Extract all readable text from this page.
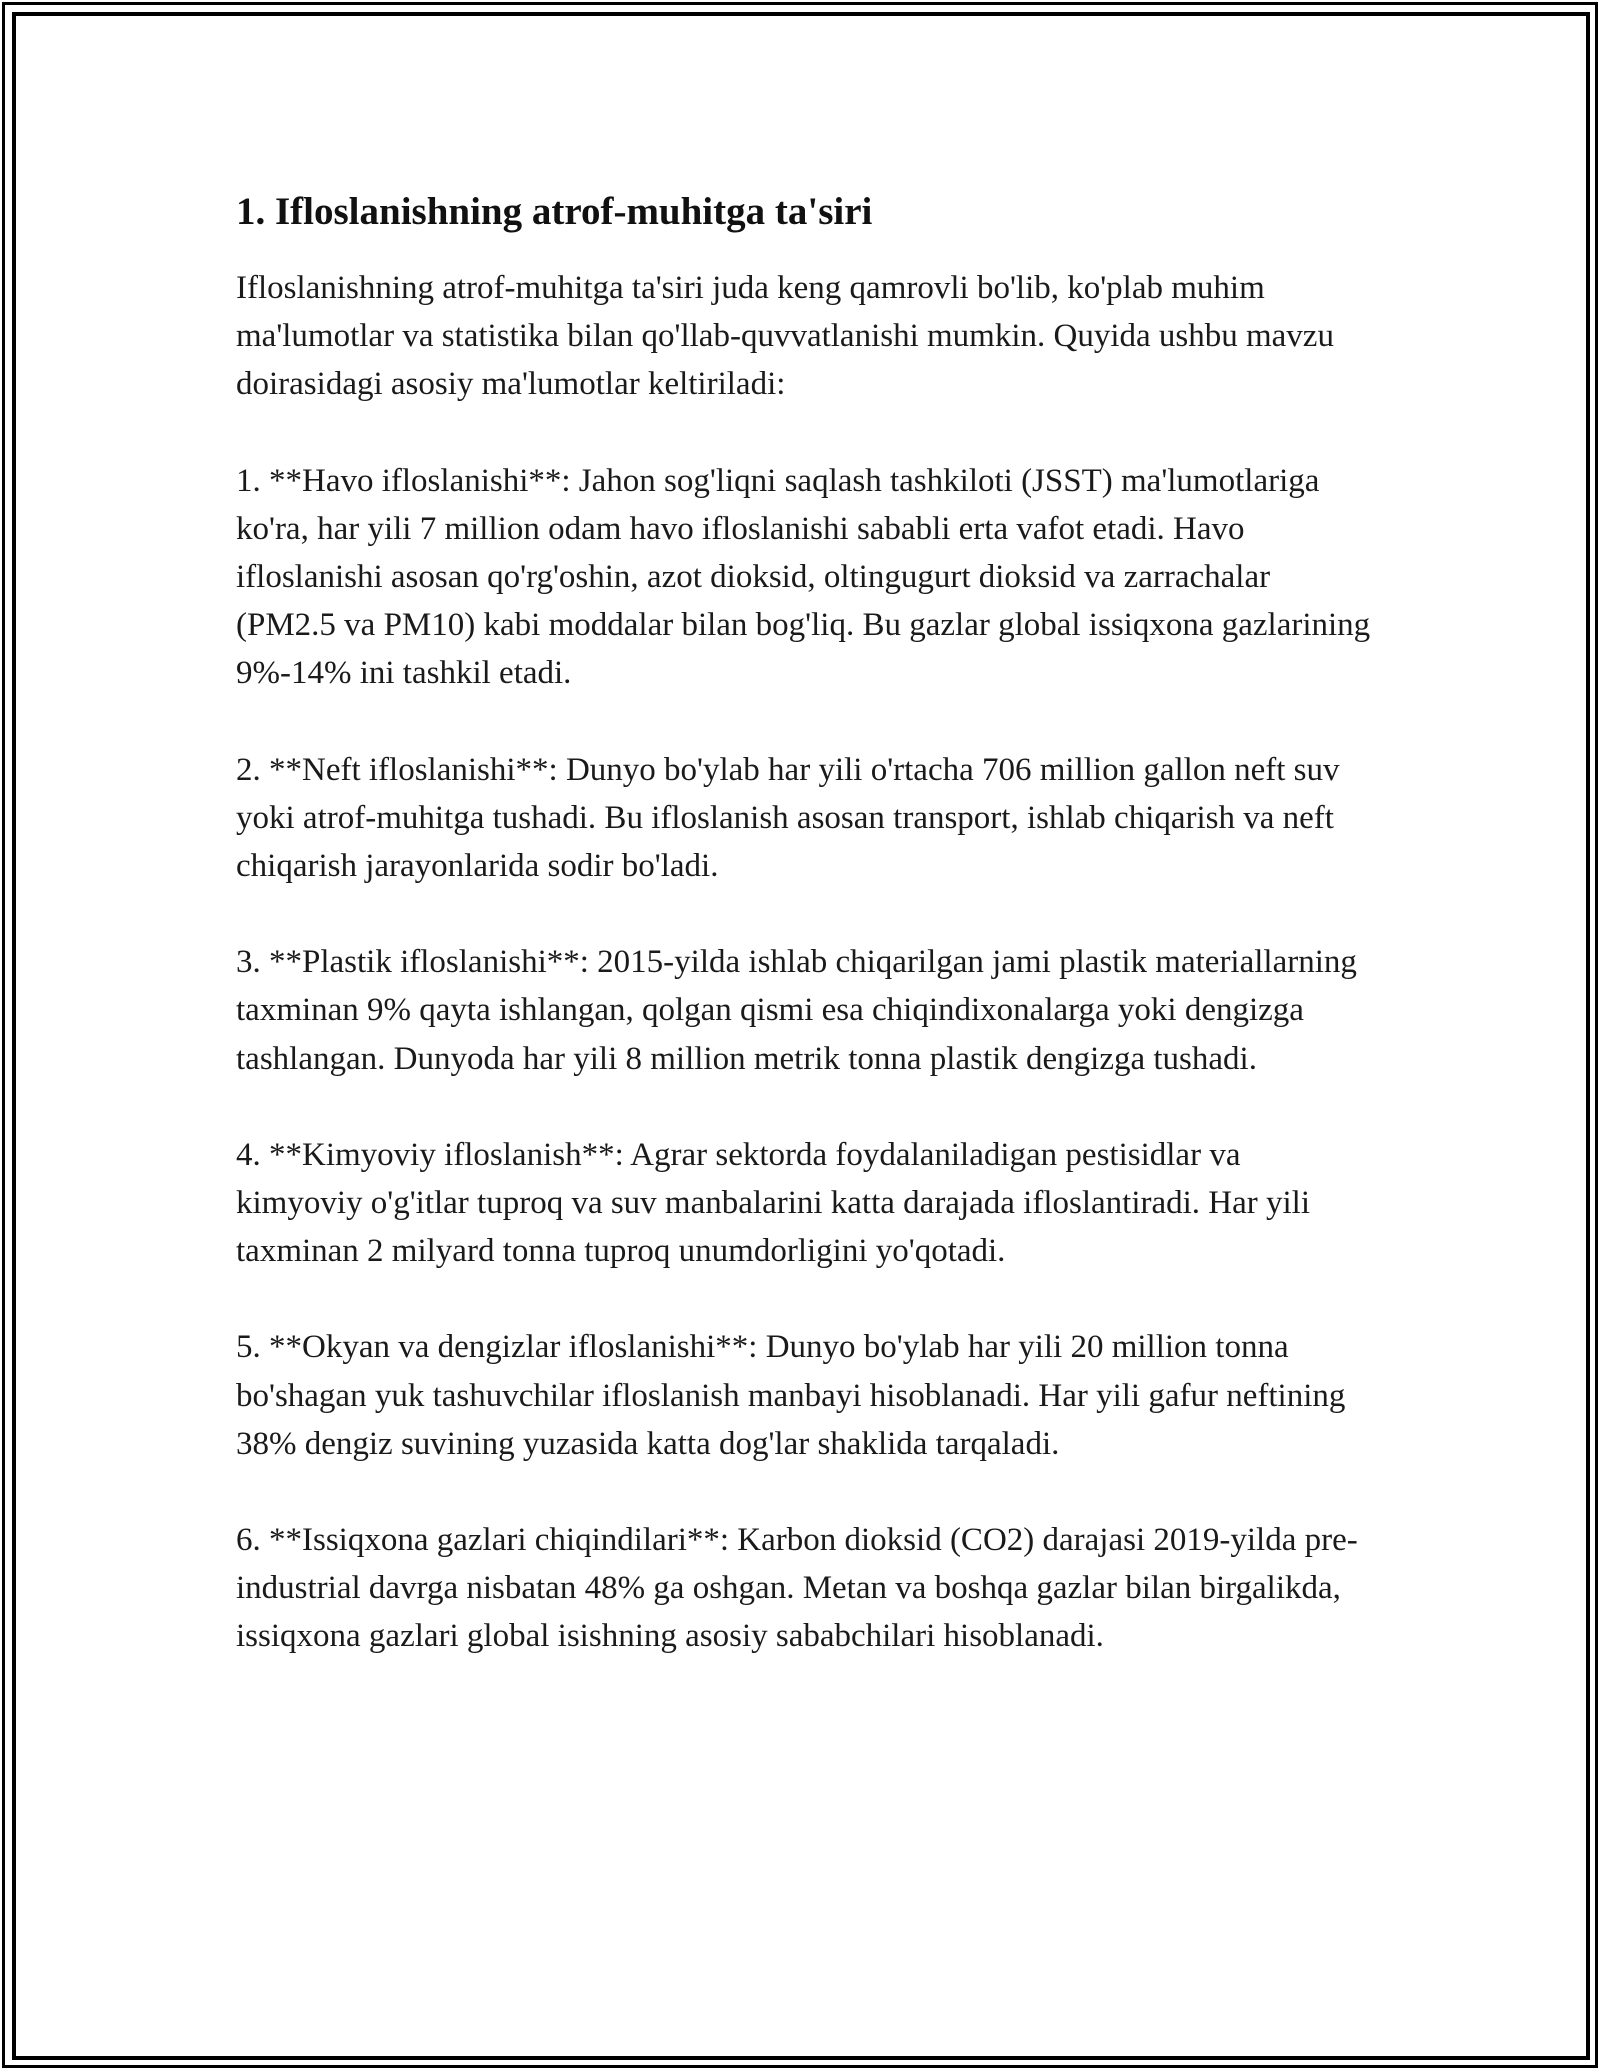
1. Ifloslanishning atrof-muhitga ta'siri

Ifloslanishning atrof-muhitga ta'siri juda keng qamrovli bo'lib, ko'plab muhim ma'lumotlar va statistika bilan qo'llab-quvvatlanishi mumkin. Quyida ushbu mavzu doirasidagi asosiy ma'lumotlar keltiriladi:

1. **Havo ifloslanishi**: Jahon sog'liqni saqlash tashkiloti (JSST) ma'lumotlariga ko'ra, har yili 7 million odam havo ifloslanishi sababli erta vafot etadi. Havo ifloslanishi asosan qo'rg'oshin, azot dioksid, oltingugurt dioksid va zarrachalar (PM2.5 va PM10) kabi moddalar bilan bog'liq. Bu gazlar global issiqxona gazlarining 9%-14% ini tashkil etadi.

2. **Neft ifloslanishi**: Dunyo bo'ylab har yili o'rtacha 706 million gallon neft suv yoki atrof-muhitga tushadi. Bu ifloslanish asosan transport, ishlab chiqarish va neft chiqarish jarayonlarida sodir bo'ladi.

3. **Plastik ifloslanishi**: 2015-yilda ishlab chiqarilgan jami plastik materiallarning taxminan 9% qayta ishlangan, qolgan qismi esa chiqindixonalarga yoki dengizga tashlangan. Dunyoda har yili 8 million metrik tonna plastik dengizga tushadi.

4. **Kimyoviy ifloslanish**: Agrar sektorda foydalaniladigan pestisidlar va kimyoviy o'g'itlar tuproq va suv manbalarini katta darajada ifloslantiradi. Har yili taxminan 2 milyard tonna tuproq unumdorligini yo'qotadi.

5. **Okyan va dengizlar ifloslanishi**: Dunyo bo'ylab har yili 20 million tonna bo'shagan yuk tashuvchilar ifloslanish manbayi hisoblanadi. Har yili gafur neftining 38% dengiz suvining yuzasida katta dog'lar shaklida tarqaladi.

6. **Issiqxona gazlari chiqindilari**: Karbon dioksid (CO2) darajasi 2019-yilda pre-industrial davrga nisbatan 48% ga oshgan. Metan va boshqa gazlar bilan birgalikda, issiqxona gazlari global isishning asosiy sababchilari hisoblanadi.
